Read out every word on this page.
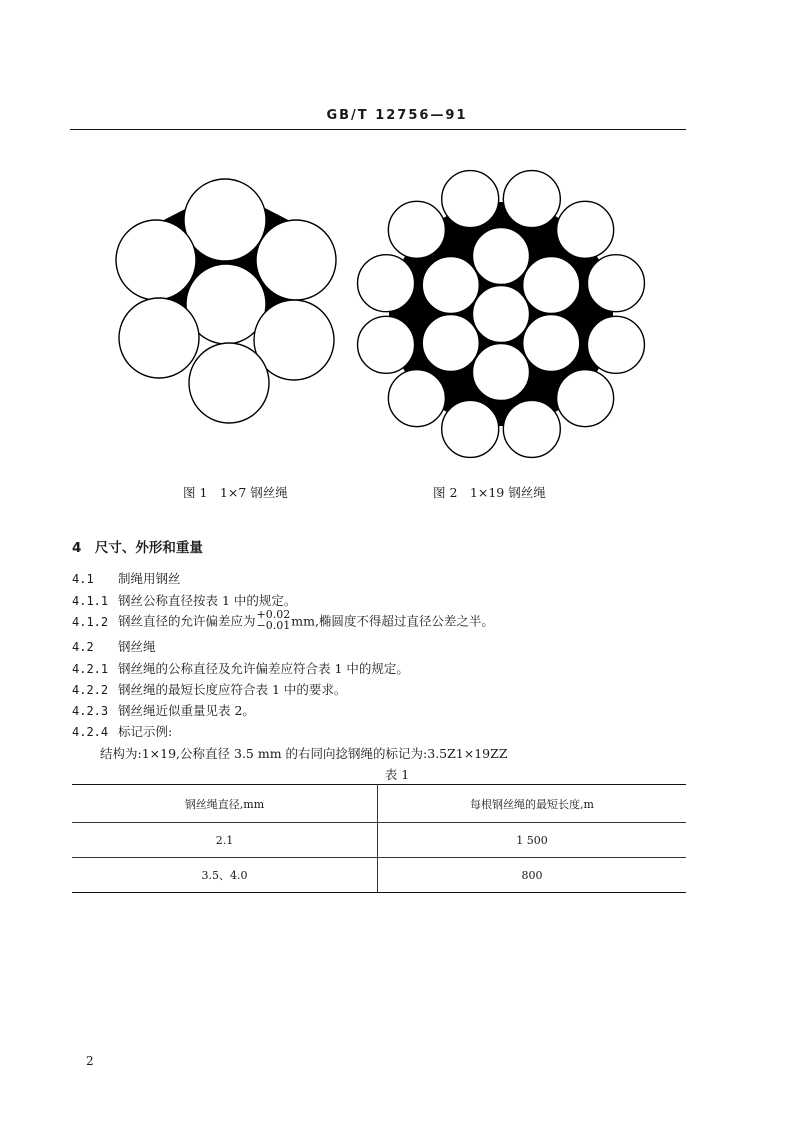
GB/T 12756—91
图 1　1×7 钢丝绳	图 2　1×19 钢丝绳
4　尺寸、外形和重量
4.1 制绳用钢丝
4.1.1 钢丝公称直径按表 1 中的规定。
4.1.2 钢丝直径的允许偏差应为 +0.02
−0.01 mm,椭圆度不得超过直径公差之半。
4.2 钢丝绳
4.2.1 钢丝绳的公称直径及允许偏差应符合表 1 中的规定。
4.2.2 钢丝绳的最短长度应符合表 1 中的要求。
4.2.3 钢丝绳近似重量见表 2。
4.2.4 标记示例:
结构为:1×19,公称直径 3.5 mm 的右同向捻钢绳的标记为:3.5Z1×19ZZ
表 1
钢丝绳直径,mm	每根钢丝绳的最短长度,m
2.1	1 500
3.5、4.0	800
2
